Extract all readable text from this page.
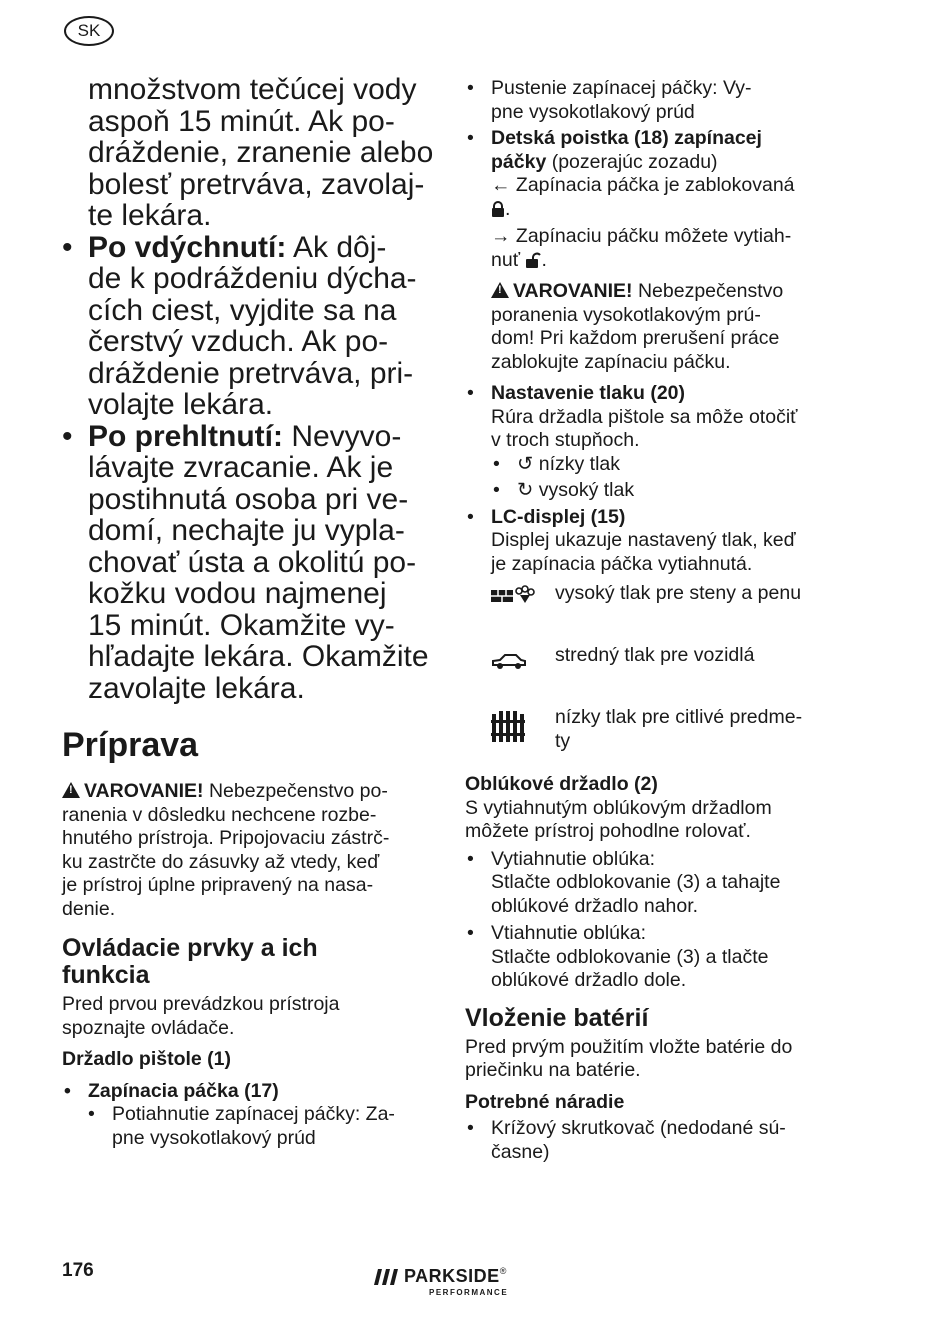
SK
množstvom tečúcej vody
aspoň 15 minút. Ak po-
dráždenie, zranenie alebo
bolesť pretrváva, zavolaj-
te lekára.
• Po vdýchnutí: Ak dôj-
de k podráždeniu dýcha-
cích ciest, vyjdite sa na
čerstvý vzduch. Ak po-
dráždenie pretrváva, pri-
volajte lekára.
• Po prehltnutí: Nevyvo-
lávajte zvracanie. Ak je
postihnutá osoba pri ve-
domí, nechajte ju vypla-
chovať ústa a okolitú po-
kožku vodou najmenej
15 minút. Okamžite vy-
hľadajte lekára. Okamžite
zavolajte lekára.
Príprava
!VAROVANIE! Nebezpečenstvo po-
ranenia v dôsledku nechcene rozbe-
hnutého prístroja. Pripojovaciu zástrč-
ku zastrčte do zásuvky až vtedy, keď
je prístroj úplne pripravený na nasa-
denie.
Ovládacie prvky a ich
funkcia
Pred prvou prevádzkou prístroja
spoznajte ovládače.
Držadlo pištole (1)
• Zapínacia páčka (17)
• Potiahnutie zapínacej páčky: Za-
pne vysokotlakový prúd
• Pustenie zapínacej páčky: Vy-
pne vysokotlakový prúd
• Detská poistka (18) zapínacej
páčky (pozerajúc zozadu)
← Zapínacia páčka je zablokovaná
.
→ Zapínaciu páčku môžete vytiah-
nuť .
!VAROVANIE! Nebezpečenstvo
poranenia vysokotlakovým prú-
dom! Pri každom prerušení práce
zablokujte zapínaciu páčku.
• Nastavenie tlaku (20)
Rúra držadla pištole sa môže otočiť
v troch stupňoch.
• ↺ nízky tlak
• ↻ vysoký tlak
• LC-displej (15)
Displej ukazuje nastavený tlak, keď
je zapínacia páčka vytiahnutá.
vysoký tlak pre steny a penu
stredný tlak pre vozidlá
nízky tlak pre citlivé predme-
ty
Oblúkové držadlo (2)
S vytiahnutým oblúkovým držadlom
môžete prístroj pohodlne rolovať.
• Vytiahnutie oblúka:
Stlačte odblokovanie (3) a tahajte
oblúkové držadlo nahor.
• Vtiahnutie oblúka:
Stlačte odblokovanie (3) a tlačte
oblúkové držadlo dole.
Vloženie batérií
Pred prvým použitím vložte batérie do
priečinku na batérie.
Potrebné náradie
• Krížový skrutkovač (nedodané sú-
časne)
176	PARKSIDE®
PERFORMANCE
